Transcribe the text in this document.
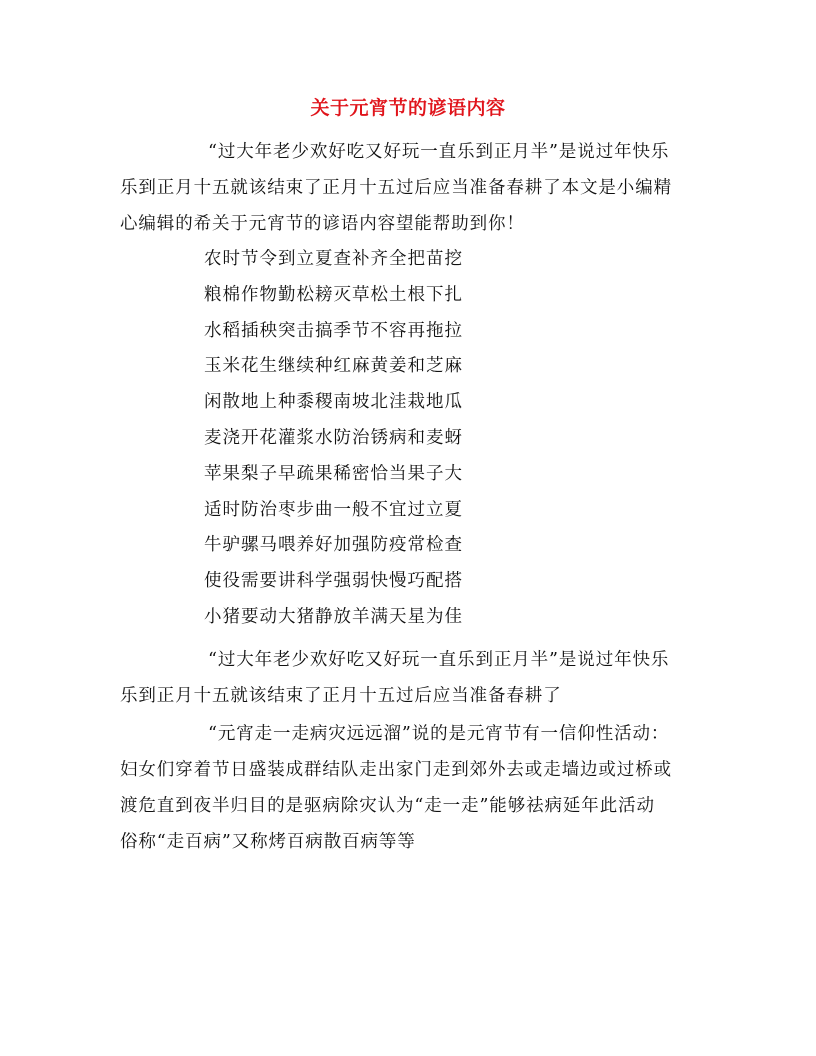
关于元宵节的谚语内容
“过大年老少欢好吃又好玩一直乐到正月半”是说过年快乐
乐到正月十五就该结束了正月十五过后应当准备春耕了本文是小编精
心编辑的希关于元宵节的谚语内容望能帮助到你！
农时节令到立夏查补齐全把苗挖
粮棉作物勤松耪灭草松土根下扎
水稻插秧突击搞季节不容再拖拉
玉米花生继续种红麻黄姜和芝麻
闲散地上种黍稷南坡北洼栽地瓜
麦浇开花灌浆水防治锈病和麦蚜
苹果梨子早疏果稀密恰当果子大
适时防治枣步曲一般不宜过立夏
牛驴骡马喂养好加强防疫常检查
使役需要讲科学强弱快慢巧配搭
小猪要动大猪静放羊满天星为佳
“过大年老少欢好吃又好玩一直乐到正月半”是说过年快乐
乐到正月十五就该结束了正月十五过后应当准备春耕了
“元宵走一走病灾远远溜”说的是元宵节有一信仰性活动：
妇女们穿着节日盛装成群结队走出家门走到郊外去或走墙边或过桥或
渡危直到夜半归目的是驱病除灾认为“走一走”能够祛病延年此活动
俗称“走百病”又称烤百病散百病等等
